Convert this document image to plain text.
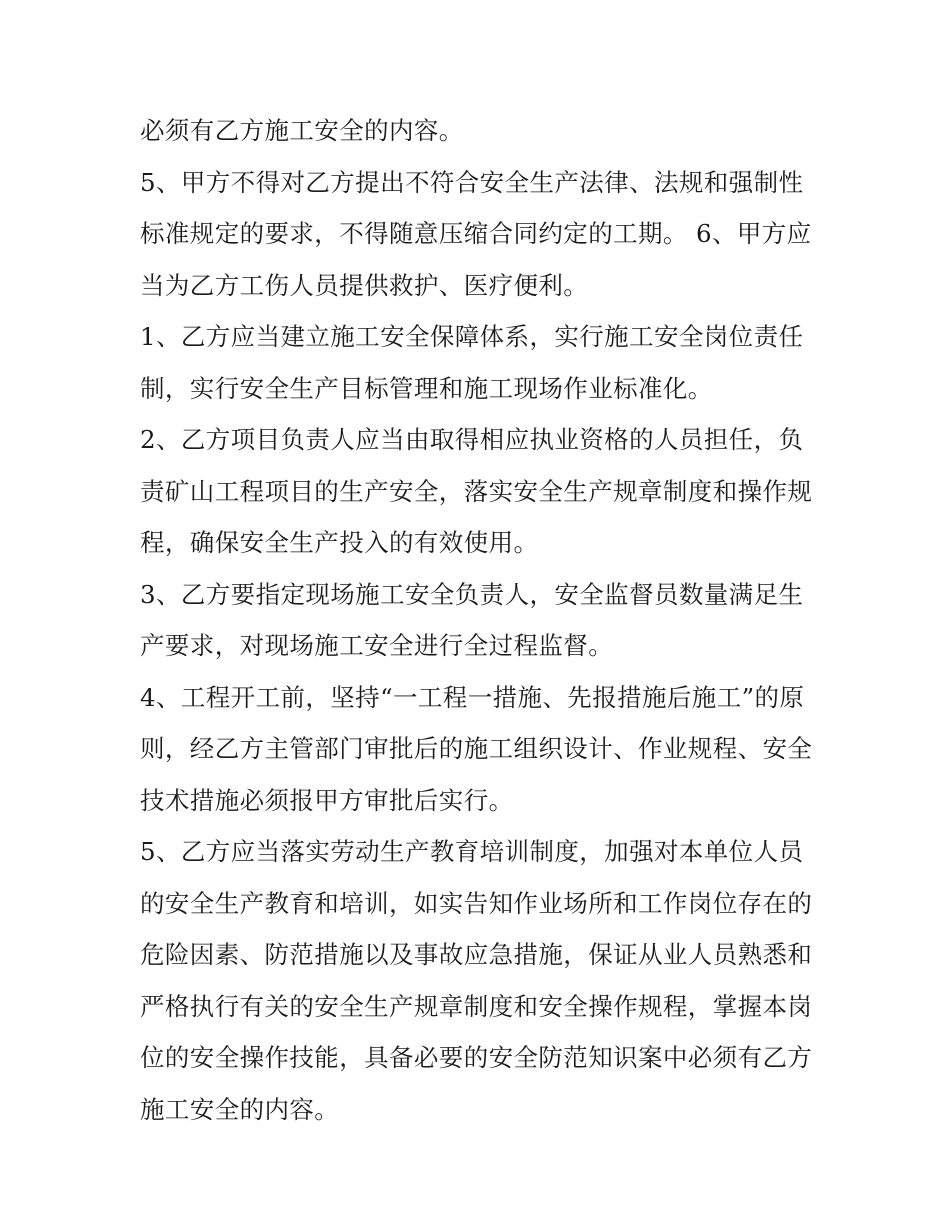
必须有乙方施工安全的内容。
5、甲方不得对乙方提出不符合安全生产法律、法规和强制性
标准规定的要求，不得随意压缩合同约定的工期。 6、甲方应
当为乙方工伤人员提供救护、医疗便利。
1、乙方应当建立施工安全保障体系，实行施工安全岗位责任
制，实行安全生产目标管理和施工现场作业标准化。
2、乙方项目负责人应当由取得相应执业资格的人员担任，负
责矿山工程项目的生产安全，落实安全生产规章制度和操作规
程，确保安全生产投入的有效使用。
3、乙方要指定现场施工安全负责人，安全监督员数量满足生
产要求，对现场施工安全进行全过程监督。
4、工程开工前，坚持“一工程一措施、先报措施后施工”的原
则，经乙方主管部门审批后的施工组织设计、作业规程、安全
技术措施必须报甲方审批后实行。
5、乙方应当落实劳动生产教育培训制度，加强对本单位人员
的安全生产教育和培训，如实告知作业场所和工作岗位存在的
危险因素、防范措施以及事故应急措施，保证从业人员熟悉和
严格执行有关的安全生产规章制度和安全操作规程，掌握本岗
位的安全操作技能，具备必要的安全防范知识案中必须有乙方
施工安全的内容。
